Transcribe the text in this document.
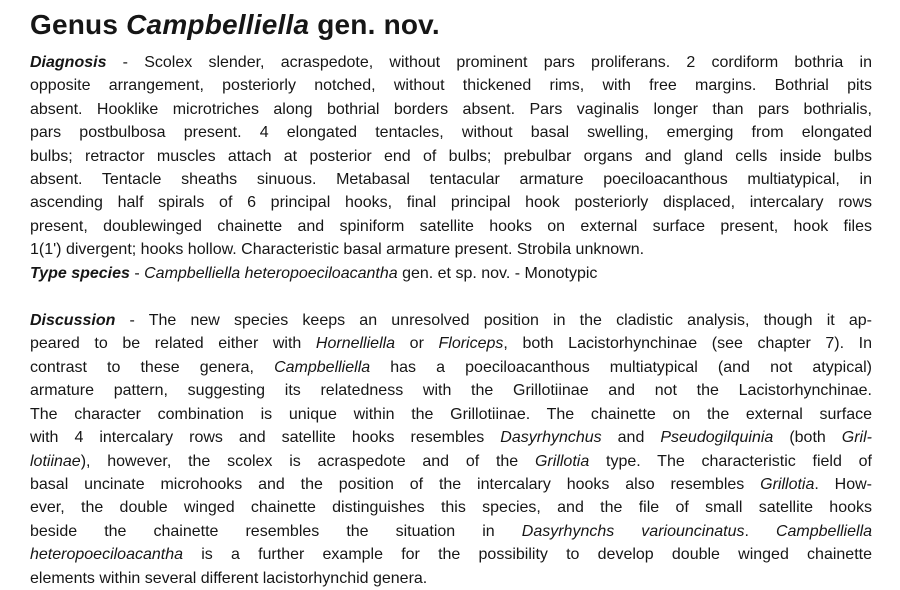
Genus Campbelliella gen. nov.
Diagnosis - Scolex slender, acraspedote, without prominent pars proliferans. 2 cordiform bothria in
opposite arrangement, posteriorly notched, without thickened rims, with free margins. Bothrial pits
absent. Hooklike microtriches along bothrial borders absent. Pars vaginalis longer than pars bothrialis,
pars postbulbosa present. 4 elongated tentacles, without basal swelling, emerging from elongated
bulbs; retractor muscles attach at posterior end of bulbs; prebulbar organs and gland cells inside bulbs
absent. Tentacle sheaths sinuous. Metabasal tentacular armature poeciloacanthous multiatypical, in
ascending half spirals of 6 principal hooks, final principal hook posteriorly displaced, intercalary rows
present, doublewinged chainette and spiniform satellite hooks on external surface present, hook files
1(1') divergent; hooks hollow. Characteristic basal armature present. Strobila unknown.
Type species - Campbelliella heteropoeciloacantha gen. et sp. nov. - Monotypic
Discussion - The new species keeps an unresolved position in the cladistic analysis, though it ap-
peared to be related either with Hornelliella or Floriceps, both Lacistorhynchinae (see chapter 7). In
contrast to these genera, Campbelliella has a poeciloacanthous multiatypical (and not atypical)
armature pattern, suggesting its relatedness with the Grillotiinae and not the Lacistorhynchinae.
The character combination is unique within the Grillotiinae. The chainette on the external surface
with 4 intercalary rows and satellite hooks resembles Dasyrhynchus and Pseudogilquinia (both Gril-
lotiinae), however, the scolex is acraspedote and of the Grillotia type. The characteristic field of
basal uncinate microhooks and the position of the intercalary hooks also resembles Grillotia. How-
ever, the double winged chainette distinguishes this species, and the file of small satellite hooks
beside the chainette resembles the situation in Dasyrhynchs variouncinatus. Campbelliella
heteropoeciloacantha is a further example for the possibility to develop double winged chainette
elements within several different lacistorhynchid genera.
